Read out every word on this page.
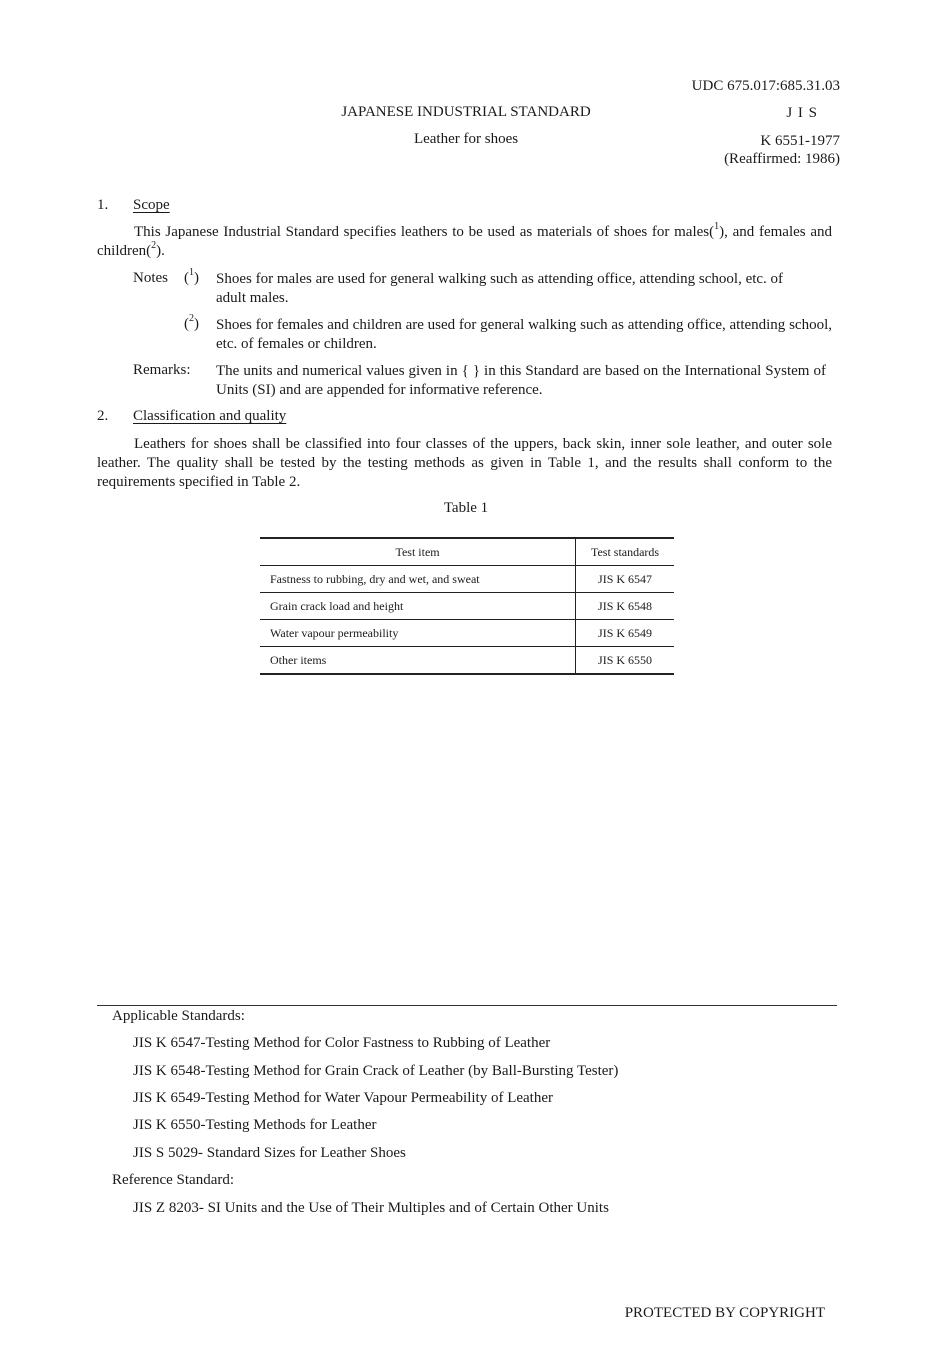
UDC 675.017:685.31.03
JAPANESE INDUSTRIAL STANDARD	J I S
Leather for shoes	K 6551-1977
(Reaffirmed: 1986)
1. Scope
This Japanese Industrial Standard specifies leathers to be used as materials of shoes for males($^1$), and females and children($^2$).
Notes ($^1$) Shoes for males are used for general walking such as attending office, attending school, etc. of adult males.
($^2$) Shoes for females and children are used for general walking such as attending office, attending school, etc. of females or children.
Remarks: The units and numerical values given in { } in this Standard are based on the International System of Units (SI) and are appended for informative reference.
2. Classification and quality
Leathers for shoes shall be classified into four classes of the uppers, back skin, inner sole leather, and outer sole leather. The quality shall be tested by the testing methods as given in Table 1, and the results shall conform to the requirements specified in Table 2.
Table 1
Test item	Test standards
Fastness to rubbing, dry and wet, and sweat	JIS K 6547
Grain crack load and height	JIS K 6548
Water vapour permeability	JIS K 6549
Other items	JIS K 6550
Applicable Standards:
JIS K 6547-Testing Method for Color Fastness to Rubbing of Leather
JIS K 6548-Testing Method for Grain Crack of Leather (by Ball-Bursting Tester)
JIS K 6549-Testing Method for Water Vapour Permeability of Leather
JIS K 6550-Testing Methods for Leather
JIS S 5029- Standard Sizes for Leather Shoes
Reference Standard:
JIS Z 8203- SI Units and the Use of Their Multiples and of Certain Other Units
PROTECTED BY COPYRIGHT
